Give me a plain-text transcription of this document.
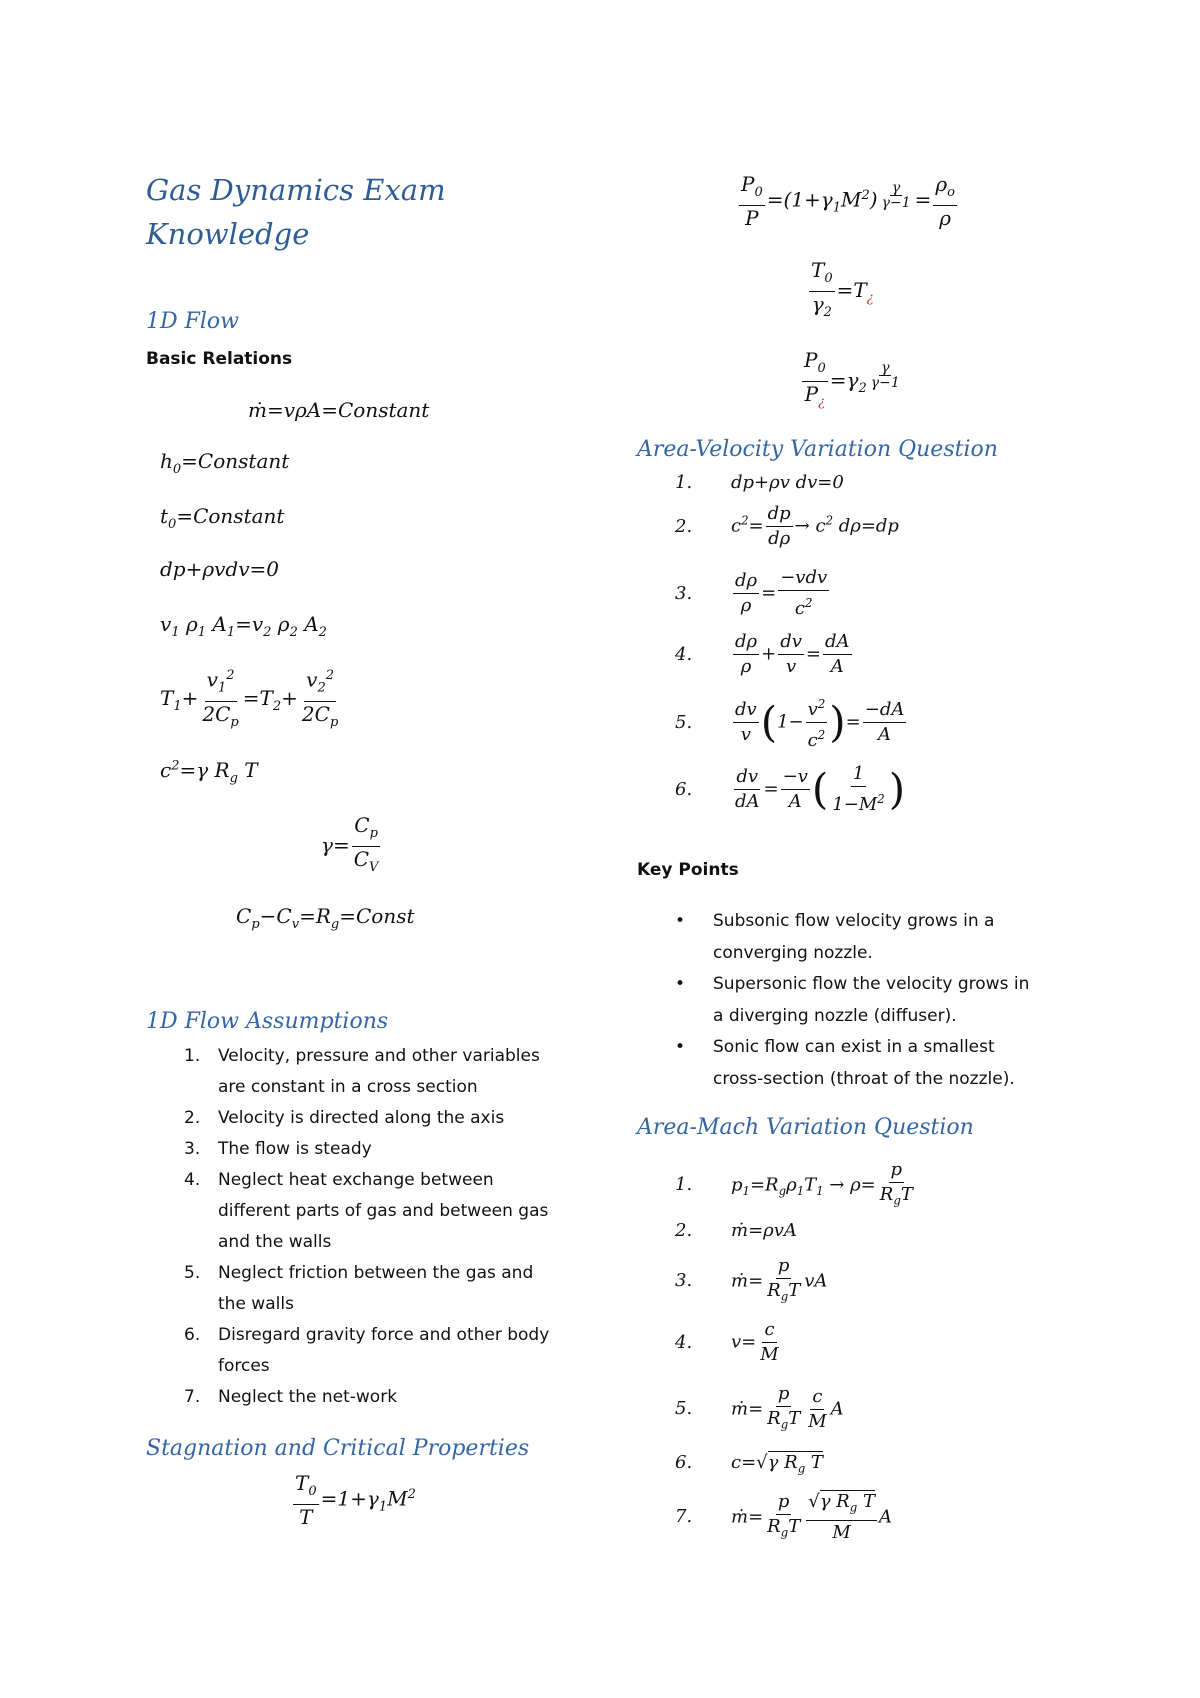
Gas Dynamics Exam
Knowledge
1D Flow
Basic Relations
ṁ=vρA=Constant
$h_0=Constant$
$t_0=Constant$
dp+ρvdv=0
$v_1$ $\rho_1$ $A_1=v_2$ $\rho_2$ $A_2$
$T_1+ \frac{v_1^2}{2C_p} =T_2+ \frac{v_2^2}{2C_p}$
$c^2=\gamma$ $R_g$ T
$\gamma= \frac{C_p}{C_V}$
$C_p-C_v=R_g=Const$
1D Flow Assumptions
1. Velocity, pressure and other variables
are constant in a cross section
2. Velocity is directed along the axis
3. The flow is steady
4. Neglect heat exchange between
different parts of gas and between gas
and the walls
5. Neglect friction between the gas and
the walls
6. Disregard gravity force and other body
forces
7. Neglect the net-work
Stagnation and Critical Properties
$\frac{T_0}{T} =1+\gamma_1M^2$
$\frac{P_0}{P} =(1+\gamma_1M^2) ^{\frac{\gamma}{\gamma-1}} = \frac{\rho_o}{\rho}$
$\frac{T_0}{\gamma_2} =T_¿$
$\frac{P_0}{P_¿} =\gamma_2$ $^{\frac{\gamma}{\gamma-1}}$
Area-Velocity Variation Question
1. dp+ρv dv=0
2. $c^2= \frac{dp}{d\rho} \to c^2$ dρ=dp
3. $\frac{d\rho}{\rho} = \frac{\text{−vdv}}{c^2}$
4. $\frac{d\rho}{\rho} + \frac{dv}{v} = \frac{dA}{A}$
5. $\frac{dv}{v} (1- \frac{v^2}{c^2}$ )= $\frac{-dA}{A}$
6. $\frac{dv}{dA} = \frac{-v}{A}$ ( $\frac{1}{1-M^2}$ )
Key Points
• Subsonic flow velocity grows in a
converging nozzle.
• Supersonic flow the velocity grows in
a diverging nozzle (diffuser).
• Sonic flow can exist in a smallest
cross-section (throat of the nozzle).
Area-Mach Variation Question
1. $p_1=R_g\rho_1T_1 \to \rho= \frac{p}{R_gT}$
2. ṁ=ρvA
3. ṁ= $\frac{p}{R_gT}$ vA
4. $v= \frac{c}{M}$
5. ṁ= $\frac{p}{R_gT} \frac{c}{M}$ A
6. c=√γ $R_g$ T
7. ṁ= $\frac{p}{R_gT} \frac{√\gamma R_g T}{M}$ A
